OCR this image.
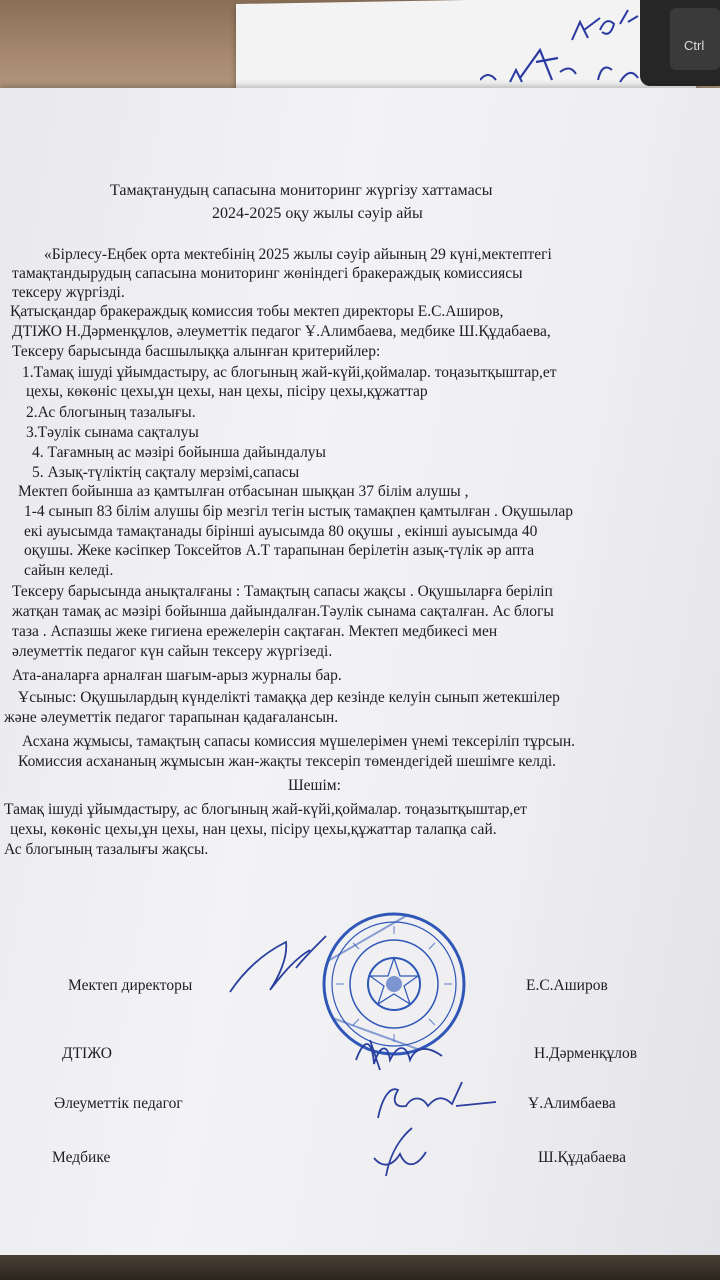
Ctrl
Тамақтанудың сапасына мониторинг жүргізу хаттамасы
2024-2025 оқу жылы сәуір айы
«Бірлесу-Еңбек орта мектебінің 2025 жылы сәуір айының 29 күні,мектептегі
тамақтандырудың сапасына мониторинг жөніндегі бракераждық комиссиясы
тексеру жүргізді.
Қатысқандар бракераждық комиссия тобы мектеп директоры Е.С.Аширов,
ДТІЖО Н.Дәрменқұлов, әлеуметтік педагог Ұ.Алимбаева, медбике Ш.Құдабаева,
Тексеру барысында басшылыққа алынған критерийлер:
1.Тамақ ішуді ұйымдастыру, ас блогының жай-күйі,қоймалар. тоңазытқыштар,ет
цехы, көкөніс цехы,ұн цехы, нан цехы, пісіру цехы,құжаттар
2.Ас блогының тазалығы.
3.Тәулік сынама сақталуы
4. Тағамның ас мәзірі бойынша дайындалуы
5. Азық-түліктің сақталу мерзімі,сапасы
Мектеп бойынша аз қамтылған отбасынан шыққан 37 білім алушы ,
1-4 сынып 83 білім алушы бір мезгіл тегін ыстық тамақпен қамтылған . Оқушылар
екі ауысымда тамақтанады бірінші ауысымда 80 оқушы , екінші ауысымда 40
оқушы. Жеке кәсіпкер Токсейтов А.Т тарапынан берілетін азық-түлік әр апта
сайын келеді.
Тексеру барысында анықталғаны : Тамақтың сапасы жақсы . Оқушыларға беріліп
жатқан тамақ ас мәзірі бойынша дайындалған.Тәулік сынама сақталған. Ас блогы
таза . Аспазшы жеке гигиена ережелерін сақтаған. Мектеп медбикесі мен
әлеуметтік педагог күн сайын тексеру жүргізеді.
Ата-аналарға арналған шағым-арыз журналы бар.
Ұсыныс: Оқушылардың күнделікті тамаққа дер кезінде келуін сынып жетекшілер
және әлеуметтік педагог тарапынан қадағалансын.
Асхана жұмысы, тамақтың сапасы комиссия мүшелерімен үнемі тексеріліп тұрсын.
Комиссия асхананың жұмысын жан-жақты тексеріп төмендегідей шешімге келді.
Шешім:
Тамақ ішуді ұйымдастыру, ас блогының жай-күйі,қоймалар. тоңазытқыштар,ет
цехы, көкөніс цехы,ұн цехы, нан цехы, пісіру цехы,құжаттар талапқа сай.
Ас блогының тазалығы жақсы.
Мектеп директоры	Е.С.Аширов
ДТІЖО	Н.Дәрменқұлов
Әлеуметтік педагог	Ұ.Алимбаева
Медбике	Ш.Құдабаева
